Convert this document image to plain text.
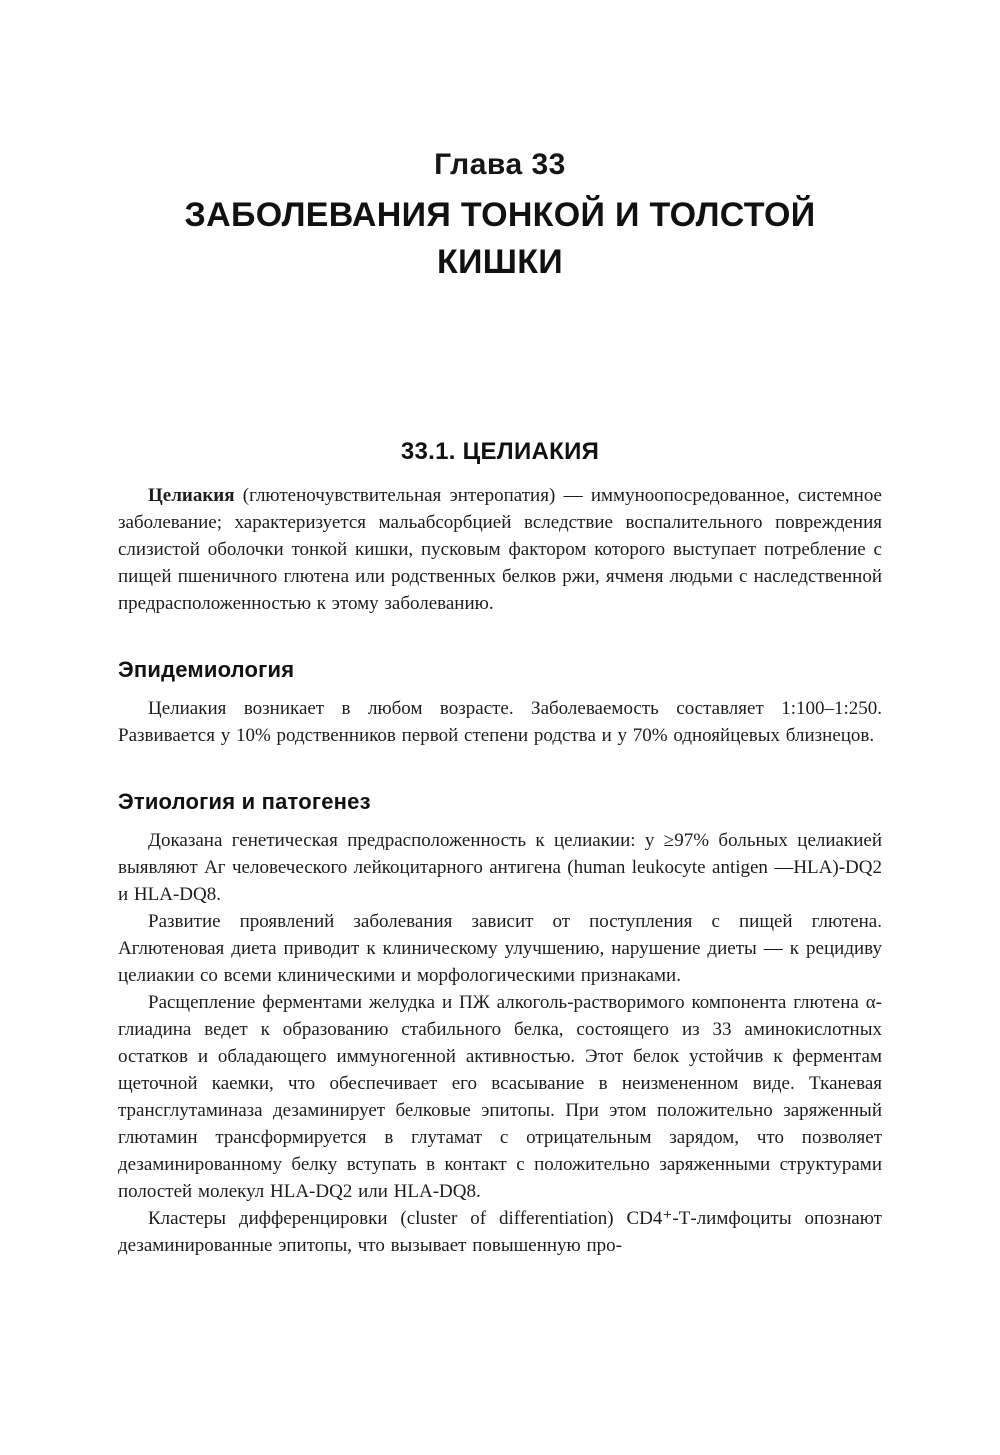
Глава 33
ЗАБОЛЕВАНИЯ ТОНКОЙ И ТОЛСТОЙ КИШКИ
33.1. ЦЕЛИАКИЯ

Целиакия (глютеночувствительная энтеропатия) — иммуноопосредованное, системное заболевание; характеризуется мальабсорбцией вследствие воспалительного повреждения слизистой оболочки тонкой кишки, пусковым фактором которого выступает потребление с пищей пшеничного глютена или родственных белков ржи, ячменя людьми с наследственной предрасположенностью к этому заболеванию.

Эпидемиология

Целиакия возникает в любом возрасте. Заболеваемость составляет 1:100–1:250. Развивается у 10% родственников первой степени родства и у 70% однояйцевых близнецов.

Этиология и патогенез

Доказана генетическая предрасположенность к целиакии: у ≥97% больных целиакией выявляют Аг человеческого лейкоцитарного антигена (human leukocyte antigen —HLA)-DQ2 и HLA-DQ8.

Развитие проявлений заболевания зависит от поступления с пищей глютена. Аглютеновая диета приводит к клиническому улучшению, нарушение диеты — к рецидиву целиакии со всеми клиническими и морфологическими признаками.

Расщепление ферментами желудка и ПЖ алкоголь-растворимого компонента глютена α-глиадина ведет к образованию стабильного белка, состоящего из 33 аминокислотных остатков и обладающего иммуногенной активностью. Этот белок устойчив к ферментам щеточной каемки, что обеспечивает его всасывание в неизмененном виде. Тканевая трансглутаминаза дезаминирует белковые эпитопы. При этом положительно заряженный глютамин трансформируется в глутамат с отрицательным зарядом, что позволяет дезаминированному белку вступать в контакт с положительно заряженными структурами полостей молекул HLA-DQ2 или HLA-DQ8.

Кластеры дифференцировки (cluster of differentiation) CD4⁺-Т-лимфоциты опознают дезаминированные эпитопы, что вызывает повышенную про-
